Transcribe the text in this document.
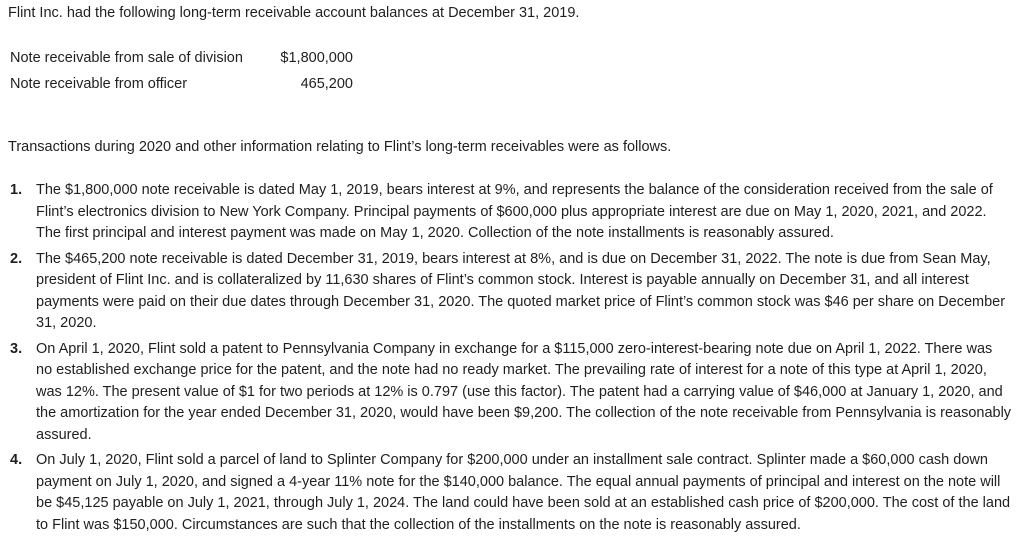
Flint Inc. had the following long-term receivable account balances at December 31, 2019.

Note receivable from sale of division	$1,800,000
Note receivable from officer	465,200

Transactions during 2020 and other information relating to Flint’s long-term receivables were as follows.

1. The $1,800,000 note receivable is dated May 1, 2019, bears interest at 9%, and represents the balance of the consideration received from the sale of Flint’s electronics division to New York Company. Principal payments of $600,000 plus appropriate interest are due on May 1, 2020, 2021, and 2022. The first principal and interest payment was made on May 1, 2020. Collection of the note installments is reasonably assured.
2. The $465,200 note receivable is dated December 31, 2019, bears interest at 8%, and is due on December 31, 2022. The note is due from Sean May, president of Flint Inc. and is collateralized by 11,630 shares of Flint’s common stock. Interest is payable annually on December 31, and all interest payments were paid on their due dates through December 31, 2020. The quoted market price of Flint’s common stock was $46 per share on December 31, 2020.
3. On April 1, 2020, Flint sold a patent to Pennsylvania Company in exchange for a $115,000 zero-interest-bearing note due on April 1, 2022. There was no established exchange price for the patent, and the note had no ready market. The prevailing rate of interest for a note of this type at April 1, 2020, was 12%. The present value of $1 for two periods at 12% is 0.797 (use this factor). The patent had a carrying value of $46,000 at January 1, 2020, and the amortization for the year ended December 31, 2020, would have been $9,200. The collection of the note receivable from Pennsylvania is reasonably assured.
4. On July 1, 2020, Flint sold a parcel of land to Splinter Company for $200,000 under an installment sale contract. Splinter made a $60,000 cash down payment on July 1, 2020, and signed a 4-year 11% note for the $140,000 balance. The equal annual payments of principal and interest on the note will be $45,125 payable on July 1, 2021, through July 1, 2024. The land could have been sold at an established cash price of $200,000. The cost of the land to Flint was $150,000. Circumstances are such that the collection of the installments on the note is reasonably assured.
